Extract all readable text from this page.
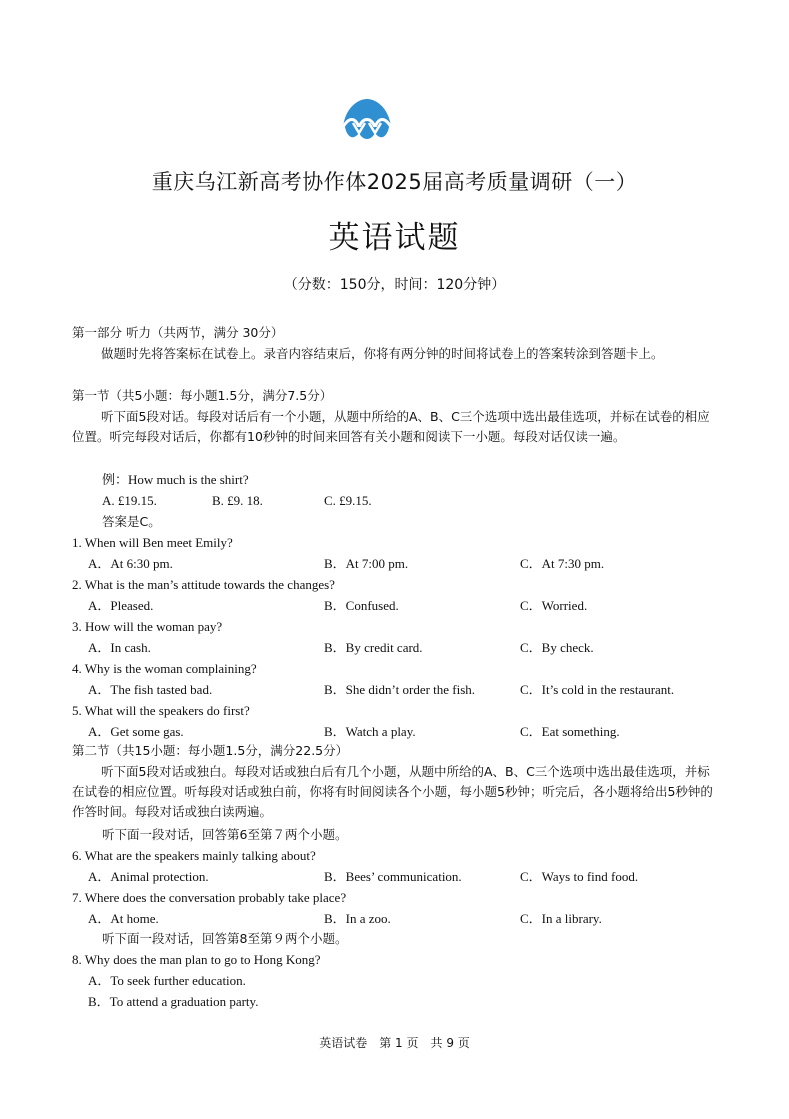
重庆乌江新高考协作体2025届高考质量调研（一）
英语试题
（分数：150分，时间：120分钟）
第一部分 听力（共两节，满分 30分）
做题时先将答案标在试卷上。录音内容结束后，你将有两分钟的时间将试卷上的答案转涂到答题卡上。
第一节（共5小题：每小题1.5分，满分7.5分）
听下面5段对话。每段对话后有一个小题，从题中所给的A、B、C三个选项中选出最佳选项，并标在试卷的相应位置。听完每段对话后，你都有10秒钟的时间来回答有关小题和阅读下一小题。每段对话仅读一遍。
例：How much is the shirt?
A. £19.15.	B. £9. 18.	C. £9.15.
答案是C。
1. When will Ben meet Emily?
A．At 6:30 pm.	B．At 7:00 pm.	C．At 7:30 pm.
2. What is the man’s attitude towards the changes?
A．Pleased.	B．Confused.	C．Worried.
3. How will the woman pay?
A．In cash.	B．By credit card.	C．By check.
4. Why is the woman complaining?
A．The fish tasted bad.	B．She didn’t order the fish.	C．It’s cold in the restaurant.
5. What will the speakers do first?
A．Get some gas.	B．Watch a play.	C．Eat something.
第二节（共15小题：每小题1.5分，满分22.5分）
听下面5段对话或独白。每段对话或独白后有几个小题，从题中所给的A、B、C三个选项中选出最佳选项，并标在试卷的相应位置。听每段对话或独白前，你将有时间阅读各个小题，每小题5秒钟；听完后，各小题将给出5秒钟的作答时间。每段对话或独白读两遍。
听下面一段对话，回答第6至第７两个小题。
6. What are the speakers mainly talking about?
A．Animal protection.	B．Bees’ communication.	C．Ways to find food.
7. Where does the conversation probably take place?
A．At home.	B．In a zoo.	C．In a library.
听下面一段对话，回答第8至第９两个小题。
8. Why does the man plan to go to Hong Kong?
A．To seek further education.
B．To attend a graduation party.
英语试卷　第 1 页　共 9 页
